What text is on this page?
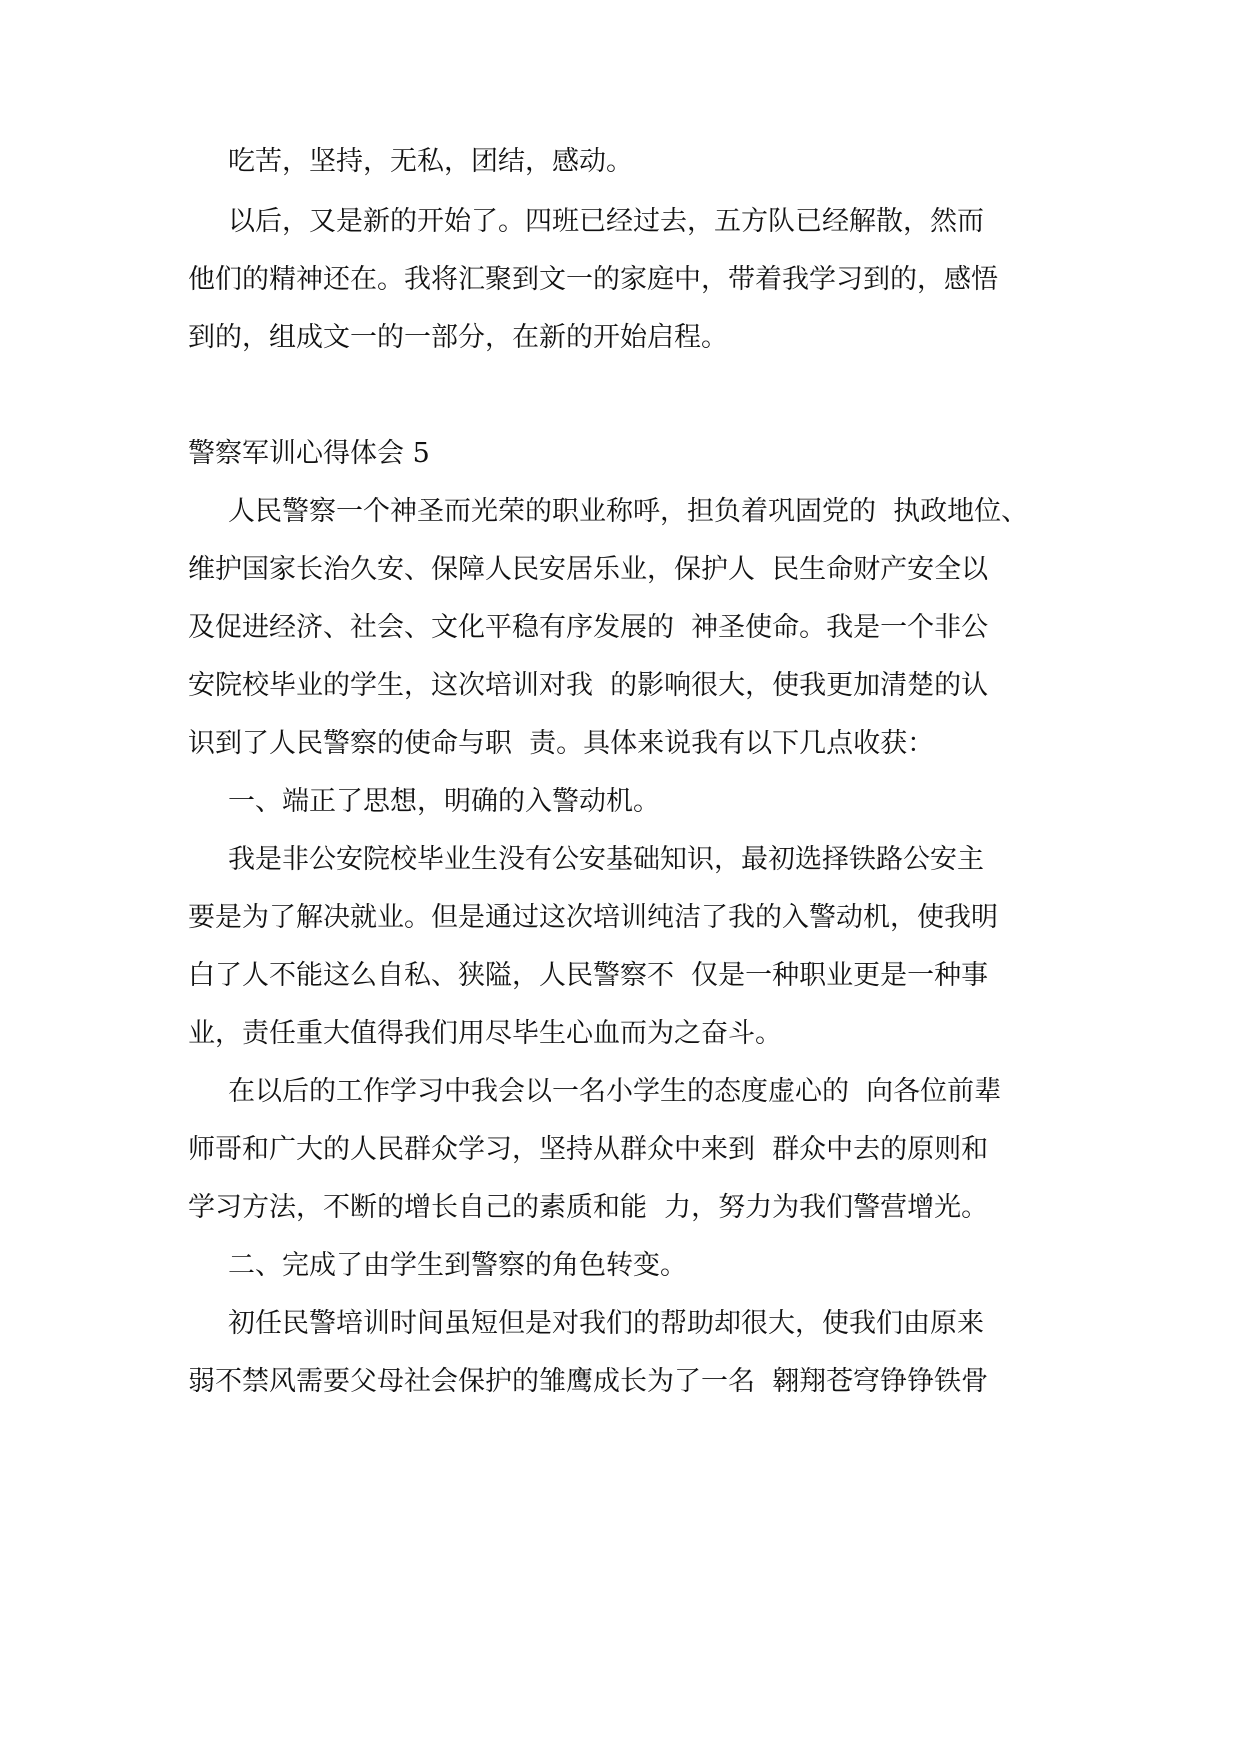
吃苦，坚持，无私，团结，感动。
以后，又是新的开始了。四班已经过去，五方队已经解散，然而
他们的精神还在。我将汇聚到文一的家庭中，带着我学习到的，感悟
到的，组成文一的一部分，在新的开始启程。
警察军训心得体会 5
人民警察一个神圣而光荣的职业称呼，担负着巩固党的  执政地位、
维护国家长治久安、保障人民安居乐业，保护人  民生命财产安全以
及促进经济、社会、文化平稳有序发展的  神圣使命。我是一个非公
安院校毕业的学生，这次培训对我  的影响很大，使我更加清楚的认
识到了人民警察的使命与职  责。具体来说我有以下几点收获：
一、端正了思想，明确的入警动机。
我是非公安院校毕业生没有公安基础知识，最初选择铁路公安主
要是为了解决就业。但是通过这次培训纯洁了我的入警动机，使我明
白了人不能这么自私、狭隘，人民警察不  仅是一种职业更是一种事
业，责任重大值得我们用尽毕生心血而为之奋斗。
在以后的工作学习中我会以一名小学生的态度虚心的  向各位前辈
师哥和广大的人民群众学习，坚持从群众中来到  群众中去的原则和
学习方法，不断的增长自己的素质和能  力，努力为我们警营增光。
二、完成了由学生到警察的角色转变。
初任民警培训时间虽短但是对我们的帮助却很大，使我们由原来
弱不禁风需要父母社会保护的雏鹰成长为了一名  翱翔苍穹铮铮铁骨
